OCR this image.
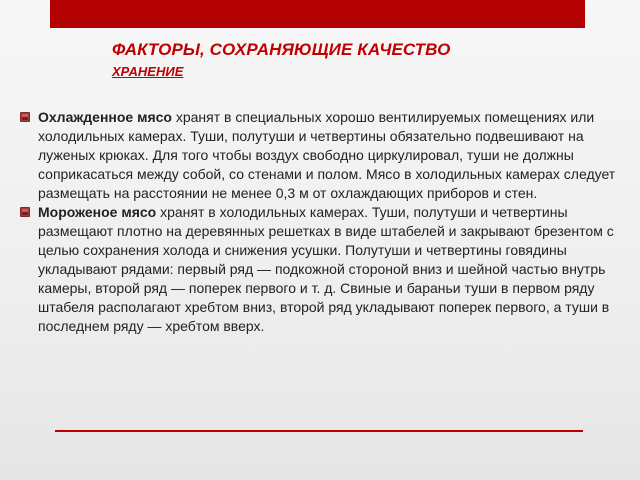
ФАКТОРЫ, СОХРАНЯЮЩИЕ КАЧЕСТВО
ХРАНЕНИЕ
Охлажденное мясо хранят в специальных хорошо вентилируемых помещениях или холодильных камерах. Туши, полутуши и четвертины обязательно подвешивают на луженых крюках. Для того чтобы воздух свободно циркулировал, туши не должны соприкасаться между собой, со стенами и полом. Мясо в холодильных камерах следует размещать на расстоянии не менее 0,3 м от охлаждающих приборов и стен.
Мороженое мясо хранят в холодильных камерах. Туши, полутуши и четвертины размещают плотно на деревянных решетках в виде штабелей и закрывают брезентом с целью сохранения холода и снижения усушки. Полутуши и четвертины говядины укладывают рядами: первый ряд — подкожной стороной вниз и шейной частью внутрь камеры, второй ряд — поперек первого и т. д. Свиные и бараньи туши в первом ряду штабеля располагают хребтом вниз, второй ряд укладывают поперек первого, а туши в последнем ряду — хребтом вверх.
